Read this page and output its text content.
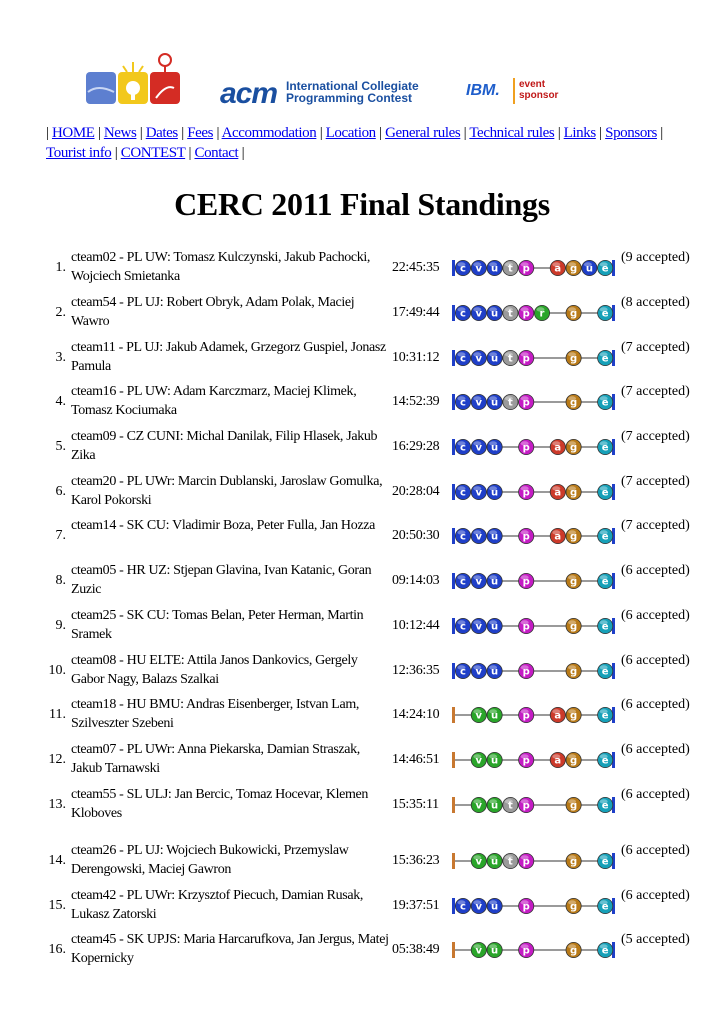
acm International Collegiate
Programming Contest	IBM. event
sponsor
| HOME | News | Dates | Fees | Accommodation | Location | General rules | Technical rules | Links | Sponsors | Tourist info | CONTEST | Contact |
CERC 2011 Final Standings
1.
cteam02 - PL UW: Tomasz Kulczynski, Jakub Pachocki, Wojciech Smietanka
22:45:35 c v u t p a g u e
(9 accepted)
2.
cteam54 - PL UJ: Robert Obryk, Adam Polak, Maciej Wawro
17:49:44 c v u t p r	g e
(8 accepted)
3.
cteam11 - PL UJ: Jakub Adamek, Grzegorz Guspiel, Jonasz Pamula
10:31:12 c v u t p	g e
(7 accepted)
4.
cteam16 - PL UW: Adam Karczmarz, Maciej Klimek, Tomasz Kociumaka
14:52:39 c v u t p	g e
(7 accepted)
5.
cteam09 - CZ CUNI: Michal Danilak, Filip Hlasek, Jakub Zika
16:29:28 c v u p a g e
(7 accepted)
6.
cteam20 - PL UWr: Marcin Dublanski, Jaroslaw Gomulka, Karol Pokorski
20:28:04 c v u p a g e
(7 accepted)
7.
cteam14 - SK CU: Vladimir Boza, Peter Fulla, Jan Hozza
20:50:30 c v u p a g e
(7 accepted)
8.
cteam05 - HR UZ: Stjepan Glavina, Ivan Katanic, Goran Zuzic
09:14:03 c v u p	g e
(6 accepted)
9.
cteam25 - SK CU: Tomas Belan, Peter Herman, Martin Sramek
10:12:44 c v u p	g e
(6 accepted)
10.
cteam08 - HU ELTE: Attila Janos Dankovics, Gergely Gabor Nagy, Balazs Szalkai
12:36:35 c v u p	g e
(6 accepted)
11.
cteam18 - HU BMU: Andras Eisenberger, Istvan Lam, Szilveszter Szebeni
14:24:10	v u p a g e
(6 accepted)
12.
cteam07 - PL UWr: Anna Piekarska, Damian Straszak, Jakub Tarnawski
14:46:51	v u p a g e
(6 accepted)
13.
cteam55 - SL ULJ: Jan Bercic, Tomaz Hocevar, Klemen Kloboves
15:35:11	v u t p	g e
(6 accepted)
14.
cteam26 - PL UJ: Wojciech Bukowicki, Przemyslaw Derengowski, Maciej Gawron
15:36:23	v u t p	g e
(6 accepted)
15.
cteam42 - PL UWr: Krzysztof Piecuch, Damian Rusak, Lukasz Zatorski
19:37:51 c v u p	g e
(6 accepted)
16.
cteam45 - SK UPJS: Maria Harcarufkova, Jan Jergus, Matej Kopernicky
05:38:49	v u p	g e
(5 accepted)
